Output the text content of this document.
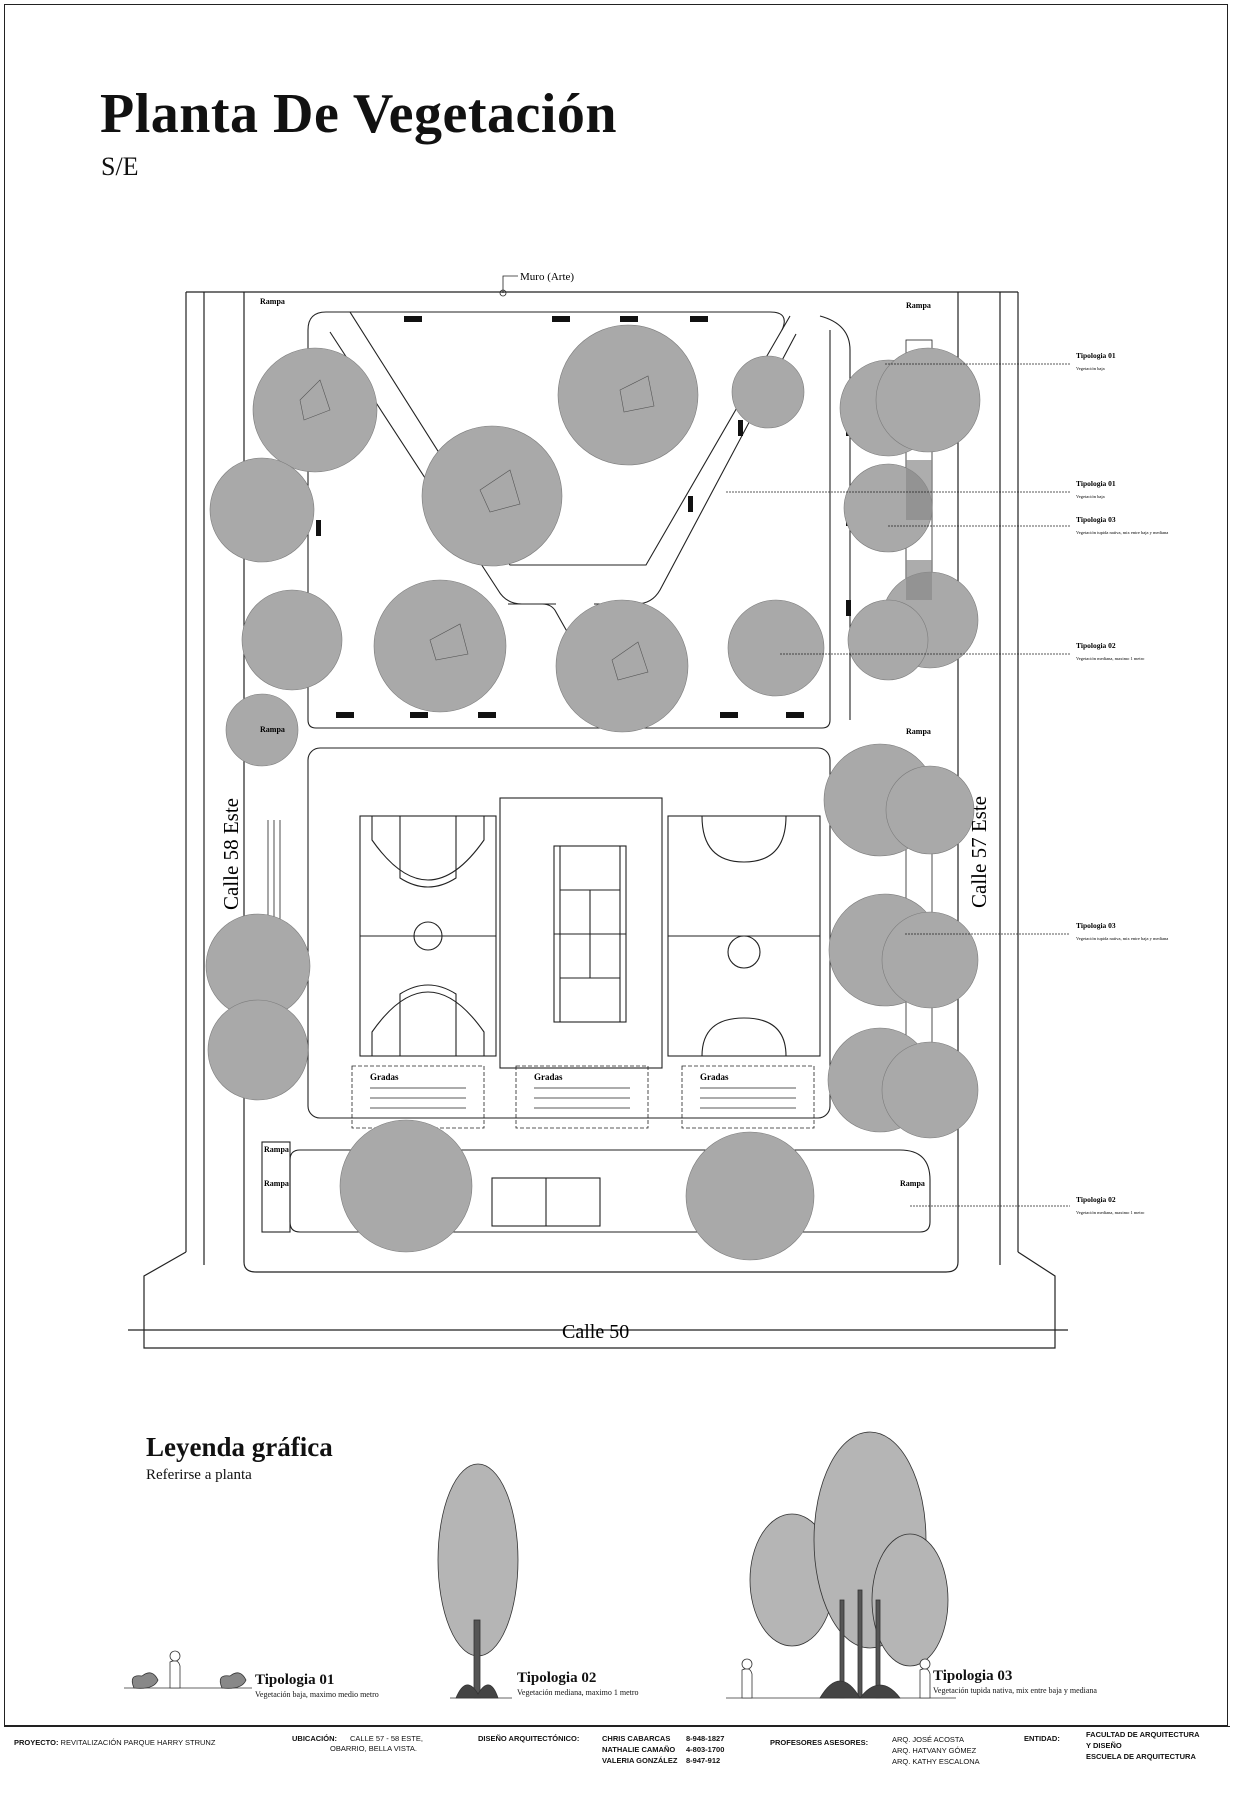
Planta De Vegetación
S/E
Muro (Arte)
Gradas	Gradas	Gradas
Rampa	Rampa
Rampa	Rampa
Rampa
Rampa	Rampa
Calle 58 Este	Calle 57 Este
Calle 50
Tipologia 01
Vegetación baja
Tipologia 01
Vegetación baja
Tipologia 03
Vegetación tupida nativa, mix entre baja y mediana
Tipologia 02
Vegetación mediana, maximo 1 metro
Tipologia 03
Vegetación tupida nativa, mix entre baja y mediana
Tipologia 02
Vegetación mediana, maximo 1 metro
Leyenda gráfica
Referirse a planta
Tipologia 01
Vegetación baja, maximo medio metro
Tipologia 02
Vegetación mediana, maximo 1 metro
Tipologia 03
Vegetación tupida nativa, mix entre baja y mediana
PROYECTO: REVITALIZACIÓN PARQUE HARRY STRUNZ	UBICACIÓN: CALLE 57 - 58 ESTE,
OBARRIO, BELLA VISTA.
DISEÑO ARQUITECTÓNICO:	CHRIS CABARCAS 8-948-1827
NATHALIE CAMAÑO 4-803-1700
VALERIA GONZÁLEZ 8-947-912
PROFESORES ASESORES:	ARQ. JOSÉ ACOSTA
ARQ. HATVANY GÓMEZ
ARQ. KATHY ESCALONA
ENTIDAD:	FACULTAD DE ARQUITECTURA
Y DISEÑO
ESCUELA DE ARQUITECTURA
